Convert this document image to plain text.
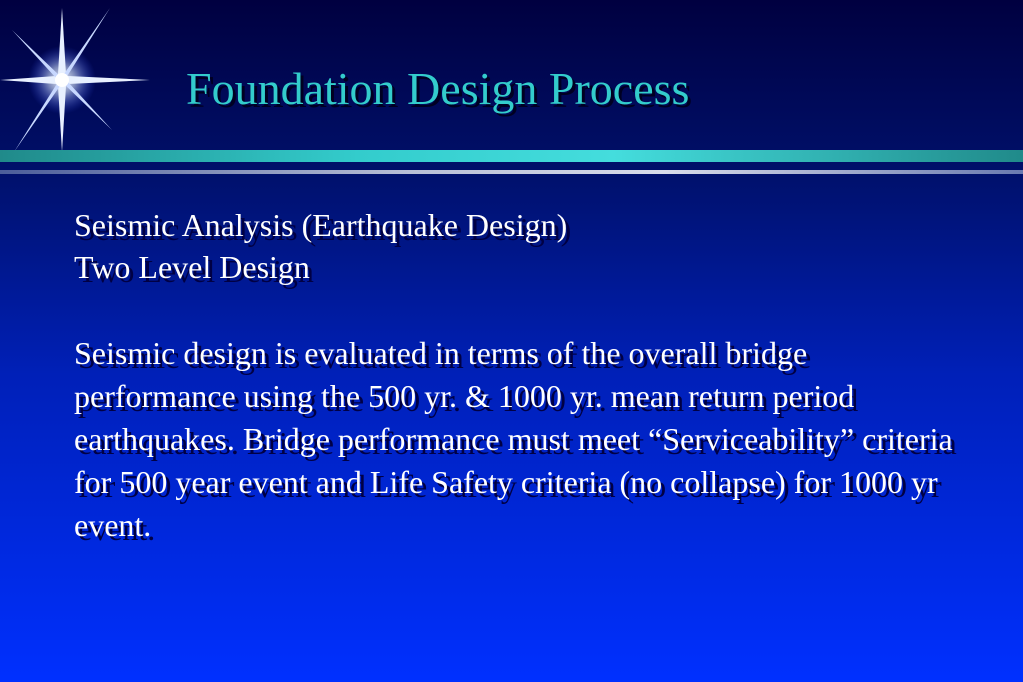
Foundation Design Process
Seismic Analysis (Earthquake Design)
Two Level Design
Seismic design is evaluated in terms of the overall bridge performance using the 500 yr. & 1000 yr. mean return period earthquakes. Bridge performance must meet “Serviceability” criteria for 500 year event and Life Safety criteria (no collapse) for 1000 yr event.
